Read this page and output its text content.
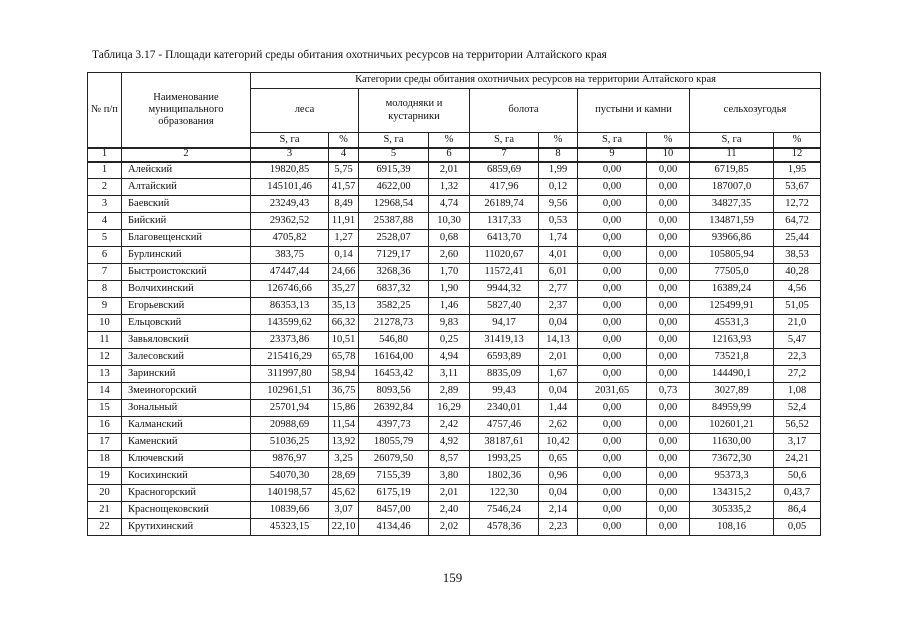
Таблица 3.17 - Площади категорий среды обитания охотничьих ресурсов на территории Алтайского края
№ п/п	Наименование муниципального образования	Категории среды обитания охотничьих ресурсов на территории Алтайского края									
		леса		молодняки и кустарники		болота		пустыни и камни		сельхозугодья	
		S, га	%	S, га	%	S, га	%	S, га	%	S, га	%
1	2	3	4	5	6	7	8	9	10	11	12
1	Алейский	19820,85	5,75	6915,39	2,01	6859,69	1,99	0,00	0,00	6719,85	1,95
2	Алтайский	145101,46	41,57	4622,00	1,32	417,96	0,12	0,00	0,00	187007,0	53,67
3	Баевский	23249,43	8,49	12968,54	4,74	26189,74	9,56	0,00	0,00	34827,35	12,72
4	Бийский	29362,52	11,91	25387,88	10,30	1317,33	0,53	0,00	0,00	134871,59	64,72
5	Благовещенский	4705,82	1,27	2528,07	0,68	6413,70	1,74	0,00	0,00	93966,86	25,44
6	Бурлинский	383,75	0,14	7129,17	2,60	11020,67	4,01	0,00	0,00	105805,94	38,53
7	Быстроистокский	47447,44	24,66	3268,36	1,70	11572,41	6,01	0,00	0,00	77505,0	40,28
8	Волчихинский	126746,66	35,27	6837,32	1,90	9944,32	2,77	0,00	0,00	16389,24	4,56
9	Егорьевский	86353,13	35,13	3582,25	1,46	5827,40	2,37	0,00	0,00	125499,91	51,05
10	Ельцовский	143599,62	66,32	21278,73	9,83	94,17	0,04	0,00	0,00	45531,3	21,0
11	Завьяловский	23373,86	10,51	546,80	0,25	31419,13	14,13	0,00	0,00	12163,93	5,47
12	Залесовский	215416,29	65,78	16164,00	4,94	6593,89	2,01	0,00	0,00	73521,8	22,3
13	Заринский	311997,80	58,94	16453,42	3,11	8835,09	1,67	0,00	0,00	144490,1	27,2
14	Змеиногорский	102961,51	36,75	8093,56	2,89	99,43	0,04	2031,65	0,73	3027,89	1,08
15	Зональный	25701,94	15,86	26392,84	16,29	2340,01	1,44	0,00	0,00	84959,99	52,4
16	Калманский	20988,69	11,54	4397,73	2,42	4757,46	2,62	0,00	0,00	102601,21	56,52
17	Каменский	51036,25	13,92	18055,79	4,92	38187,61	10,42	0,00	0,00	11630,00	3,17
18	Ключевский	9876,97	3,25	26079,50	8,57	1993,25	0,65	0,00	0,00	73672,30	24,21
19	Косихинский	54070,30	28,69	7155,39	3,80	1802,36	0,96	0,00	0,00	95373,3	50,6
20	Красногорский	140198,57	45,62	6175,19	2,01	122,30	0,04	0,00	0,00	134315,2	0,43,7
21	Краснощековский	10839,66	3,07	8457,00	2,40	7546,24	2,14	0,00	0,00	305335,2	86,4
22	Крутихинский	45323,15	22,10	4134,46	2,02	4578,36	2,23	0,00	0,00	108,16	0,05
159
